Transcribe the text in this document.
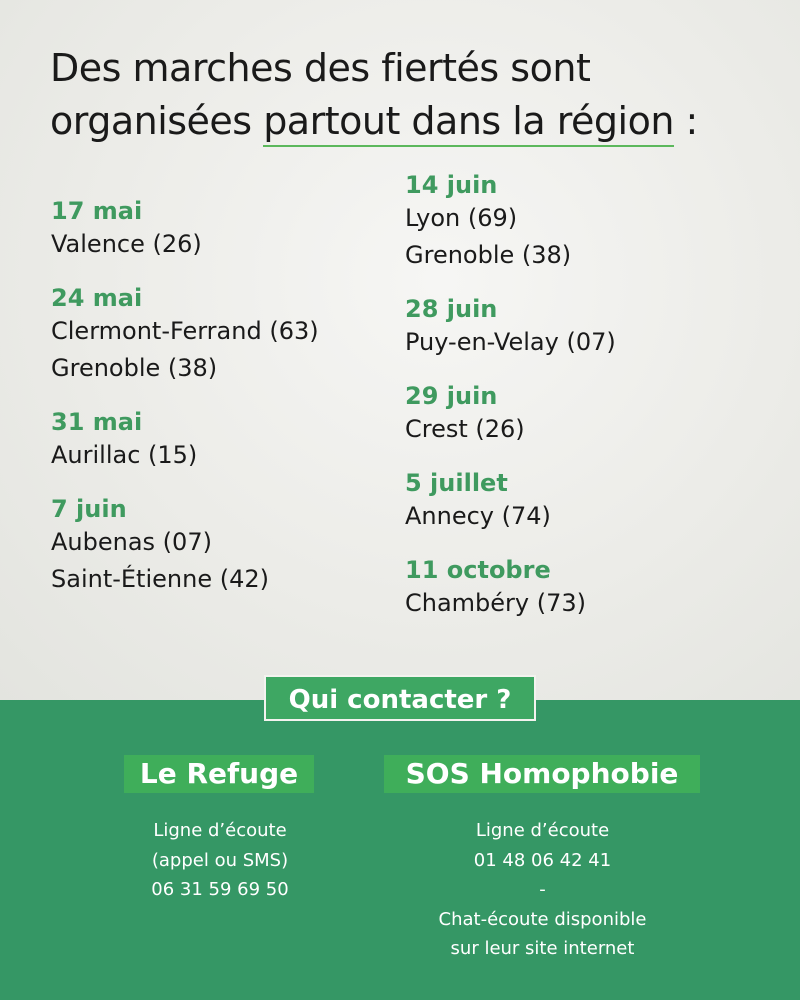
Des marches des fiertés sont
organisées partout dans la région :
17 mai
Valence (26)
24 mai
Clermont-Ferrand (63)
Grenoble (38)
31 mai
Aurillac (15)
7 juin
Aubenas (07)
Saint-Étienne (42)
14 juin
Lyon (69)
Grenoble (38)
28 juin
Puy-en-Velay (07)
29 juin
Crest (26)
5 juillet
Annecy (74)
11 octobre
Chambéry (73)
Qui contacter ?
Le Refuge	SOS Homophobie
Ligne d’écoute
(appel ou SMS)
06 31 59 69 50
Ligne d’écoute
01 48 06 42 41
-
Chat-écoute disponible
sur leur site internet
